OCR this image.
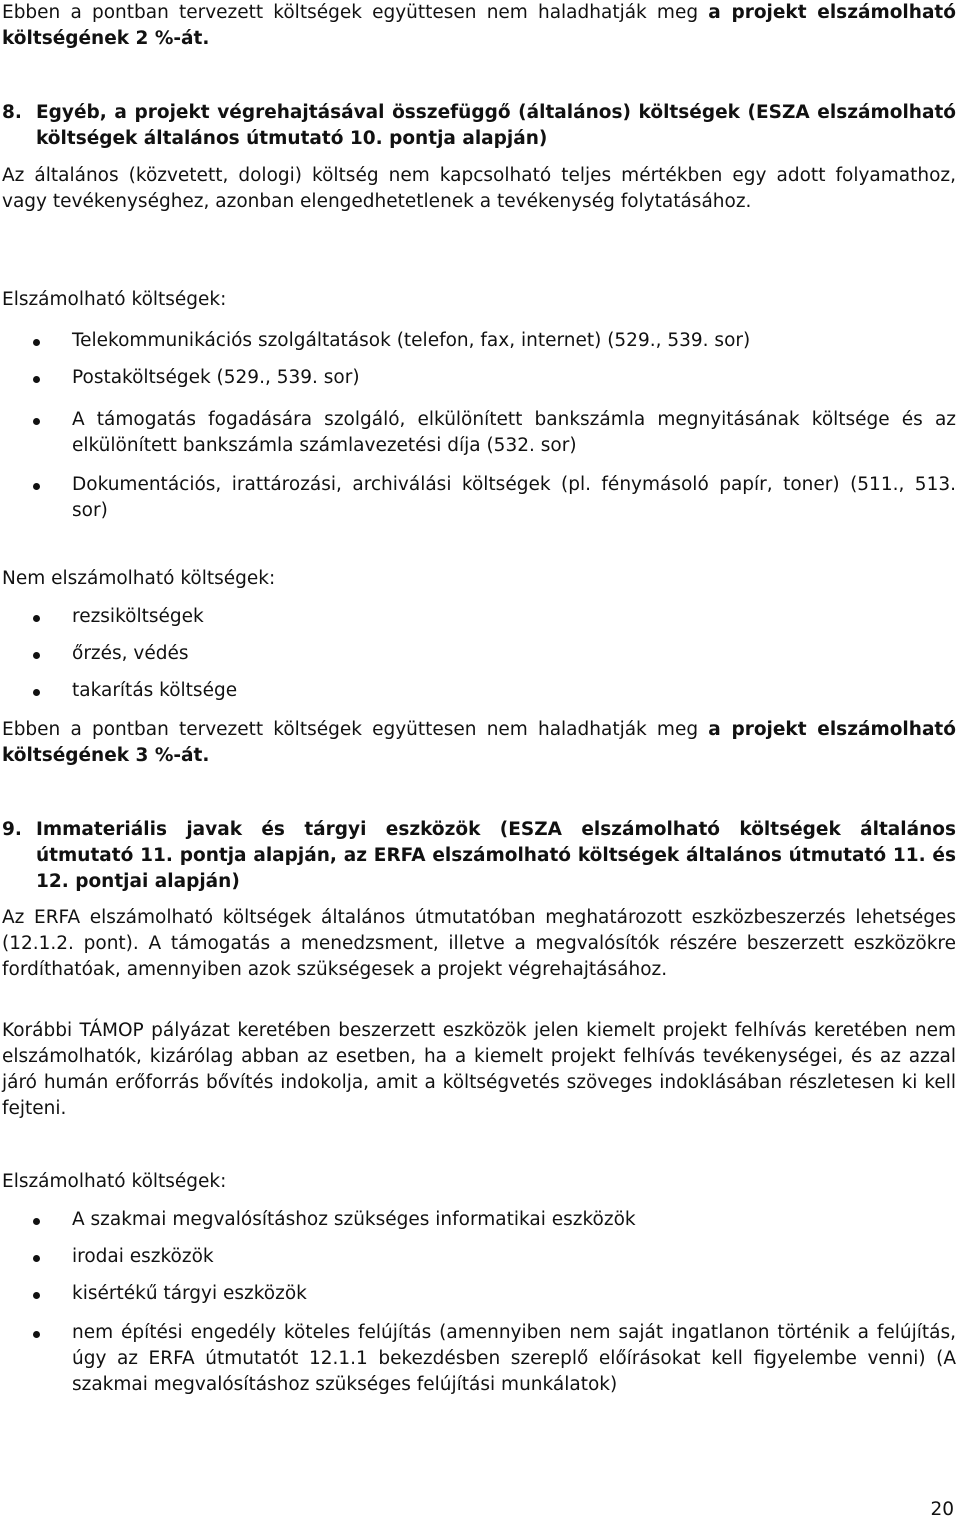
Ebben a pontban tervezett költségek együttesen nem haladhatják meg a projekt elszámolható költségének 2 %-át.

8. Egyéb, a projekt végrehajtásával összefüggő (általános) költségek (ESZA elszámolható költségek általános útmutató 10. pontja alapján)

Az általános (közvetett, dologi) költség nem kapcsolható teljes mértékben egy adott folyamathoz, vagy tevékenységhez, azonban elengedhetetlenek a tevékenység folytatásához.

Elszámolható költségek:

Telekommunikációs szolgáltatások (telefon, fax, internet) (529., 539. sor)
Postaköltségek (529., 539. sor)
A támogatás fogadására szolgáló, elkülönített bankszámla megnyitásának költsége és az elkülönített bankszámla számlavezetési díja (532. sor)
Dokumentációs, irattározási, archiválási költségek (pl. fénymásoló papír, toner) (511., 513. sor)

Nem elszámolható költségek:

rezsiköltségek
őrzés, védés
takarítás költsége

Ebben a pontban tervezett költségek együttesen nem haladhatják meg a projekt elszámolható költségének 3 %-át.

9. Immateriális javak és tárgyi eszközök (ESZA elszámolható költségek általános útmutató 11. pontja alapján, az ERFA elszámolható költségek általános útmutató 11. és 12. pontjai alapján)

Az ERFA elszámolható költségek általános útmutatóban meghatározott eszközbeszerzés lehetséges (12.1.2. pont). A támogatás a menedzsment, illetve a megvalósítók részére beszerzett eszközökre fordíthatóak, amennyiben azok szükségesek a projekt végrehajtásához.

Korábbi TÁMOP pályázat keretében beszerzett eszközök jelen kiemelt projekt felhívás keretében nem elszámolhatók, kizárólag abban az esetben, ha a kiemelt projekt felhívás tevékenységei, és az azzal járó humán erőforrás bővítés indokolja, amit a költségvetés szöveges indoklásában részletesen ki kell fejteni.

Elszámolható költségek:

A szakmai megvalósításhoz szükséges informatikai eszközök
irodai eszközök
kisértékű tárgyi eszközök
nem építési engedély köteles felújítás (amennyiben nem saját ingatlanon történik a felújítás, úgy az ERFA útmutatót 12.1.1 bekezdésben szereplő előírásokat kell figyelembe venni) (A szakmai megvalósításhoz szükséges felújítási munkálatok)
20
